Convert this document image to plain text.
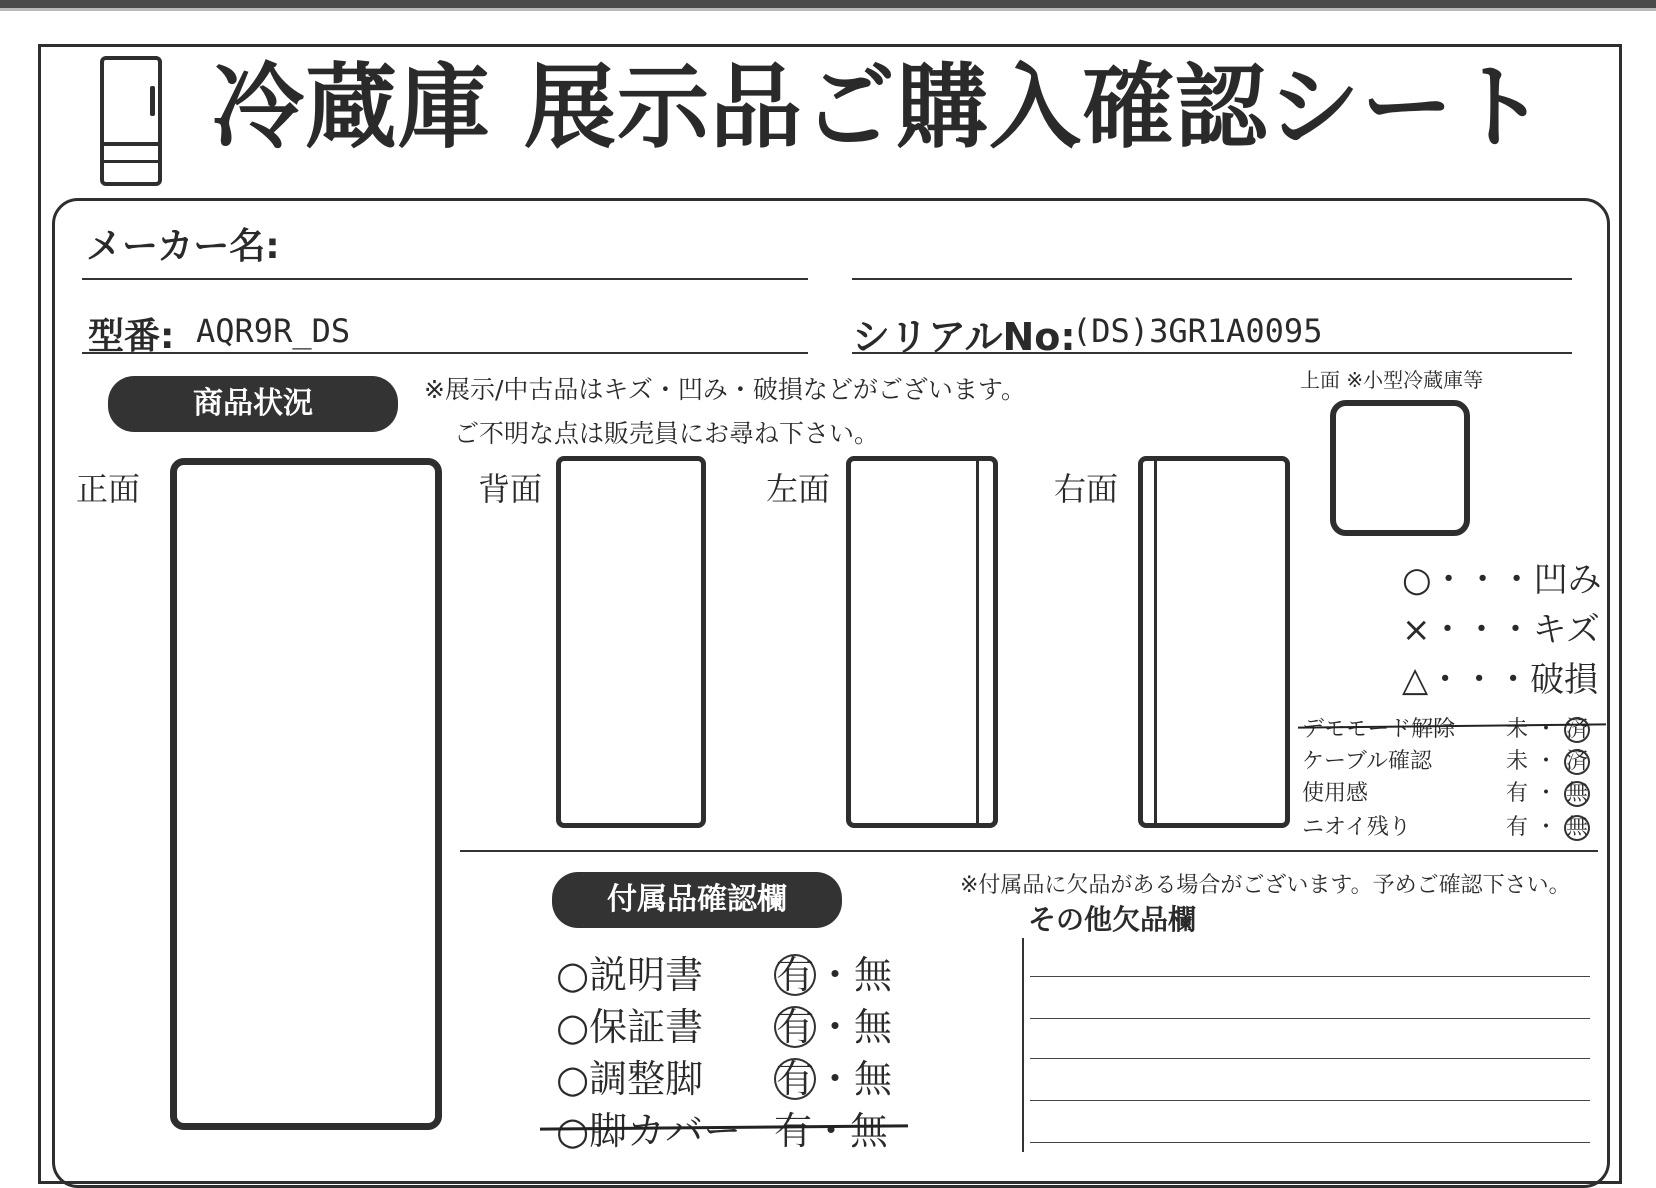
冷蔵庫 展示品ご購入確認シート
メーカー名:
型番: AQR9R_DS	シリアルNo:
(DS)3GR1A0095
商品状況	※展示/中古品はキズ・凹み・破損などがございます。
ご不明な点は販売員にお尋ね下さい。
正面	背面	左面	右面
上面 ※小型冷蔵庫等
○・・・凹み
×・・・キズ
△・・・破損
デモモード解除 未 ・ 済
ケーブル確認	未 ・ 済
使用感	有 ・ 無
ニオイ残り	有 ・ 無
付属品確認欄	※付属品に欠品がある場合がございます。予めご確認下さい。
○説明書 有・無
○保証書 有・無
○調整脚 有・無
○脚カバー 有・無
その他欠品欄
